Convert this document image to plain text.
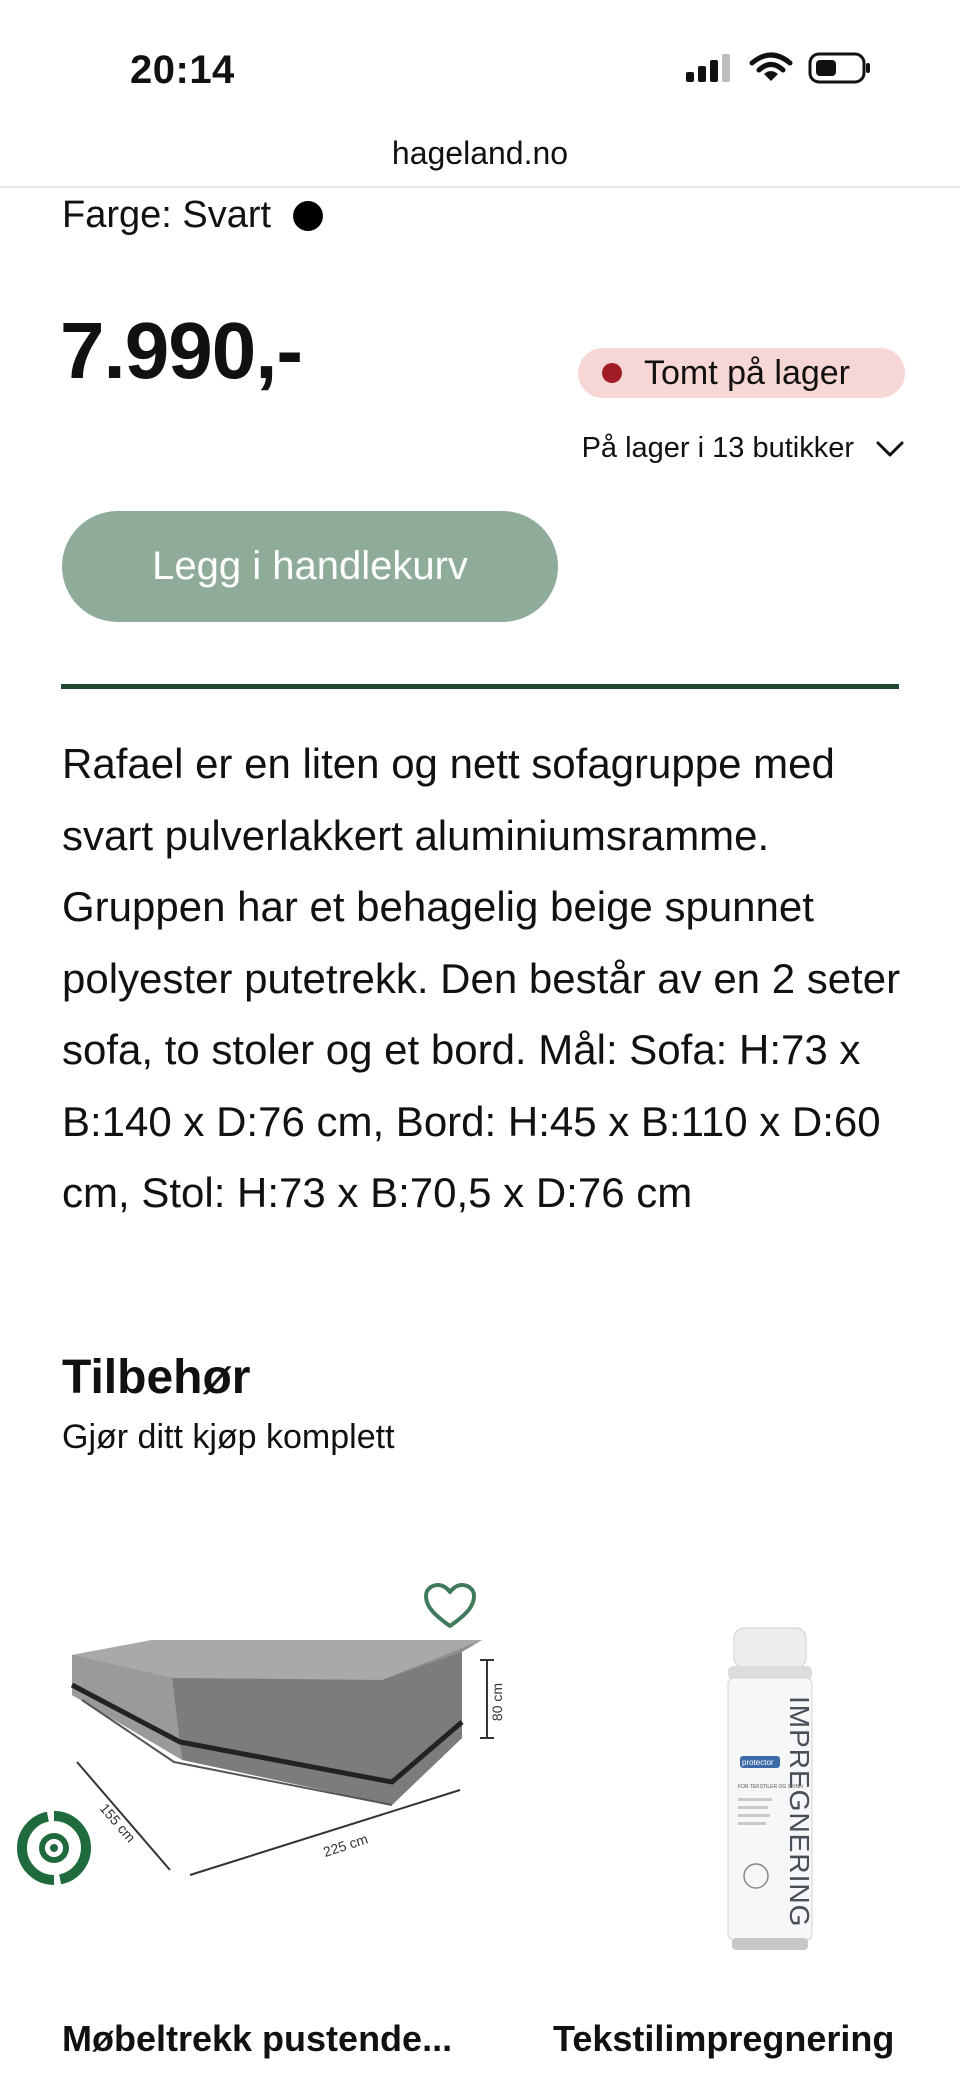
20:14
hageland.no
Farge: Svart
7.990,-	Tomt på lager
På lager i 13 butikker
Legg i handlekurv

Rafael er en liten og nett sofagruppe med svart pulverlakkert aluminiumsramme. Gruppen har et behagelig beige spunnet polyester putetrekk. Den består av en 2 seter sofa, to stoler og et bord. Mål: Sofa: H:73 x B:140 x D:76 cm, Bord: H:45 x B:110 x D:60 cm, Stol: H:73 x B:70,5 x D:76 cm

Tilbehør

Gjør ditt kjøp komplett

80 cm
155 cm	225 cm
Møbeltrekk pustende...
protector
FOR TEKSTILER OG SKINN
IMPREGNERING
Tekstilimpregnering
